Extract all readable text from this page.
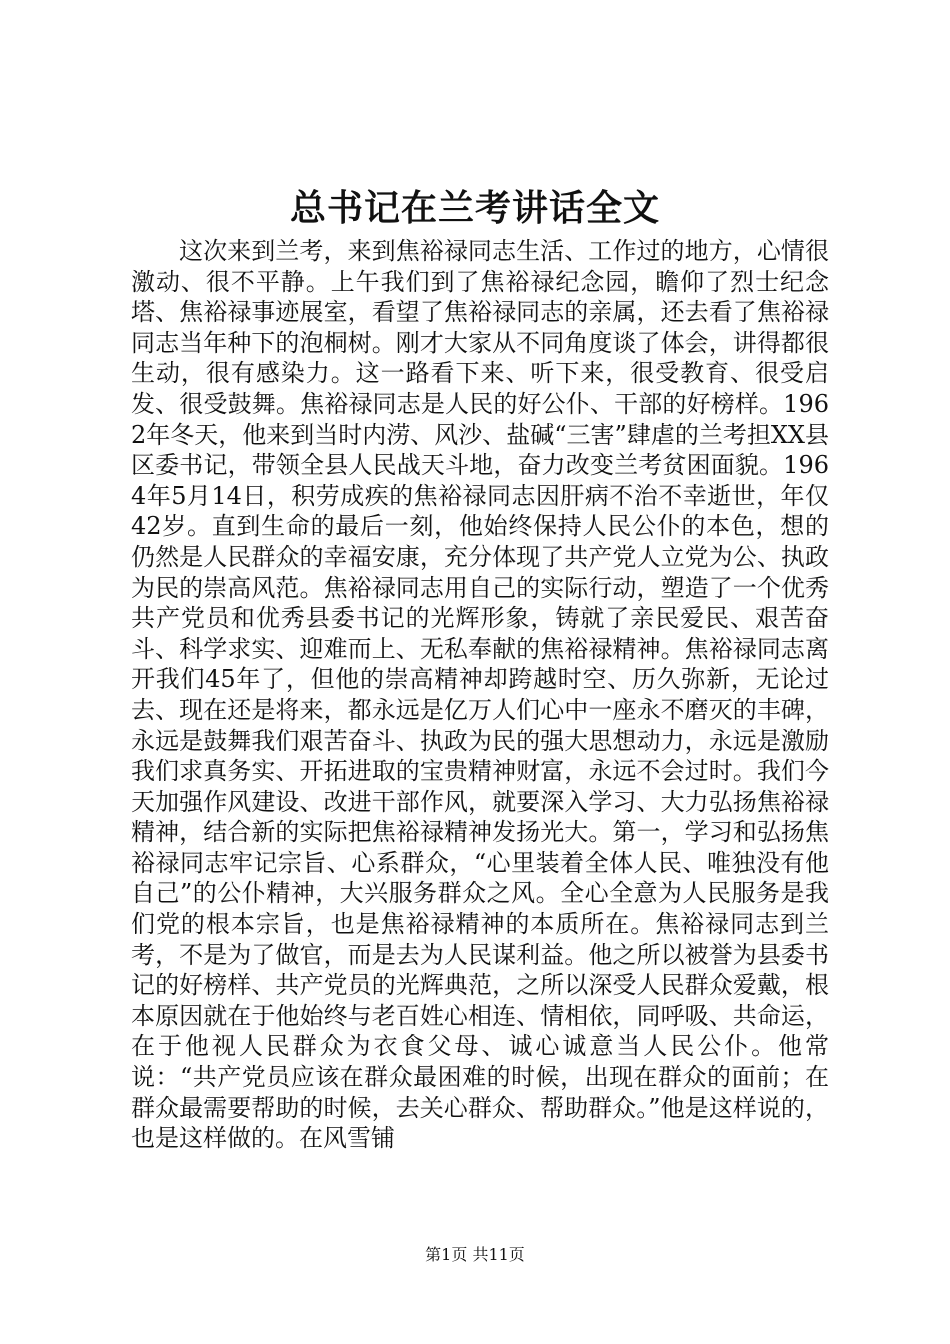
总书记在兰考讲话全文

这次来到兰考，来到焦裕禄同志生活、工作过的地方，心情很激动、很不平静。上午我们到了焦裕禄纪念园，瞻仰了烈士纪念塔、焦裕禄事迹展室，看望了焦裕禄同志的亲属，还去看了焦裕禄同志当年种下的泡桐树。刚才大家从不同角度谈了体会，讲得都很生动，很有感染力。这一路看下来、听下来，很受教育、很受启发、很受鼓舞。焦裕禄同志是人民的好公仆、干部的好榜样。1962年冬天，他来到当时内涝、风沙、盐碱“三害”肆虐的兰考担XX县区委书记，带领全县人民战天斗地，奋力改变兰考贫困面貌。1964年5月14日，积劳成疾的焦裕禄同志因肝病不治不幸逝世，年仅42岁。直到生命的最后一刻，他始终保持人民公仆的本色，想的仍然是人民群众的幸福安康，充分体现了共产党人立党为公、执政为民的崇高风范。焦裕禄同志用自己的实际行动，塑造了一个优秀共产党员和优秀县委书记的光辉形象，铸就了亲民爱民、艰苦奋斗、科学求实、迎难而上、无私奉献的焦裕禄精神。焦裕禄同志离开我们45年了，但他的崇高精神却跨越时空、历久弥新，无论过去、现在还是将来，都永远是亿万人们心中一座永不磨灭的丰碑，永远是鼓舞我们艰苦奋斗、执政为民的强大思想动力，永远是激励我们求真务实、开拓进取的宝贵精神财富，永远不会过时。我们今天加强作风建设、改进干部作风，就要深入学习、大力弘扬焦裕禄精神，结合新的实际把焦裕禄精神发扬光大。第一，学习和弘扬焦裕禄同志牢记宗旨、心系群众，“心里装着全体人民、唯独没有他自己”的公仆精神，大兴服务群众之风。全心全意为人民服务是我们党的根本宗旨，也是焦裕禄精神的本质所在。焦裕禄同志到兰考，不是为了做官，而是去为人民谋利益。他之所以被誉为县委书记的好榜样、共产党员的光辉典范，之所以深受人民群众爱戴，根本原因就在于他始终与老百姓心相连、情相依，同呼吸、共命运，在于他视人民群众为衣食父母、诚心诚意当人民公仆。他常说：“共产党员应该在群众最困难的时候，出现在群众的面前；在群众最需要帮助的时候，去关心群众、帮助群众。”他是这样说的，也是这样做的。在风雪铺

第1页 共11页
